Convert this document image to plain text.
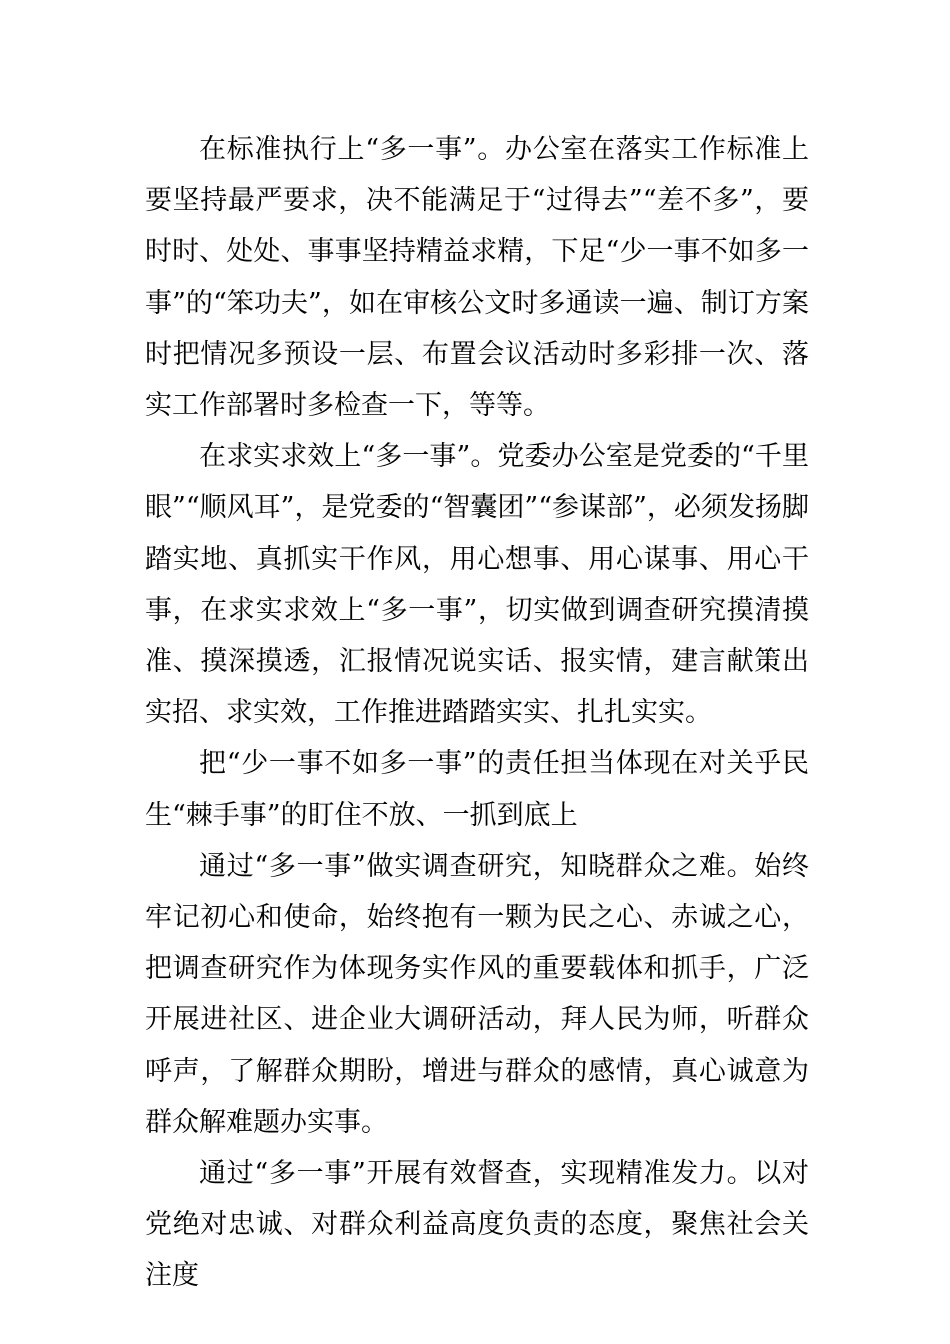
在标准执行上“多一事”。办公室在落实工作标准上要坚持最严要求，决不能满足于“过得去”“差不多”，要时时、处处、事事坚持精益求精，下足“少一事不如多一事”的“笨功夫”，如在审核公文时多通读一遍、制订方案时把情况多预设一层、布置会议活动时多彩排一次、落实工作部署时多检查一下，等等。

在求实求效上“多一事”。党委办公室是党委的“千里眼”“顺风耳”，是党委的“智囊团”“参谋部”，必须发扬脚踏实地、真抓实干作风，用心想事、用心谋事、用心干事，在求实求效上“多一事”，切实做到调查研究摸清摸准、摸深摸透，汇报情况说实话、报实情，建言献策出实招、求实效，工作推进踏踏实实、扎扎实实。

把“少一事不如多一事”的责任担当体现在对关乎民生“棘手事”的盯住不放、一抓到底上

通过“多一事”做实调查研究，知晓群众之难。始终牢记初心和使命，始终抱有一颗为民之心、赤诚之心，把调查研究作为体现务实作风的重要载体和抓手，广泛开展进社区、进企业大调研活动，拜人民为师，听群众呼声，了解群众期盼，增进与群众的感情，真心诚意为群众解难题办实事。

通过“多一事”开展有效督查，实现精准发力。以对党绝对忠诚、对群众利益高度负责的态度，聚焦社会关注度
